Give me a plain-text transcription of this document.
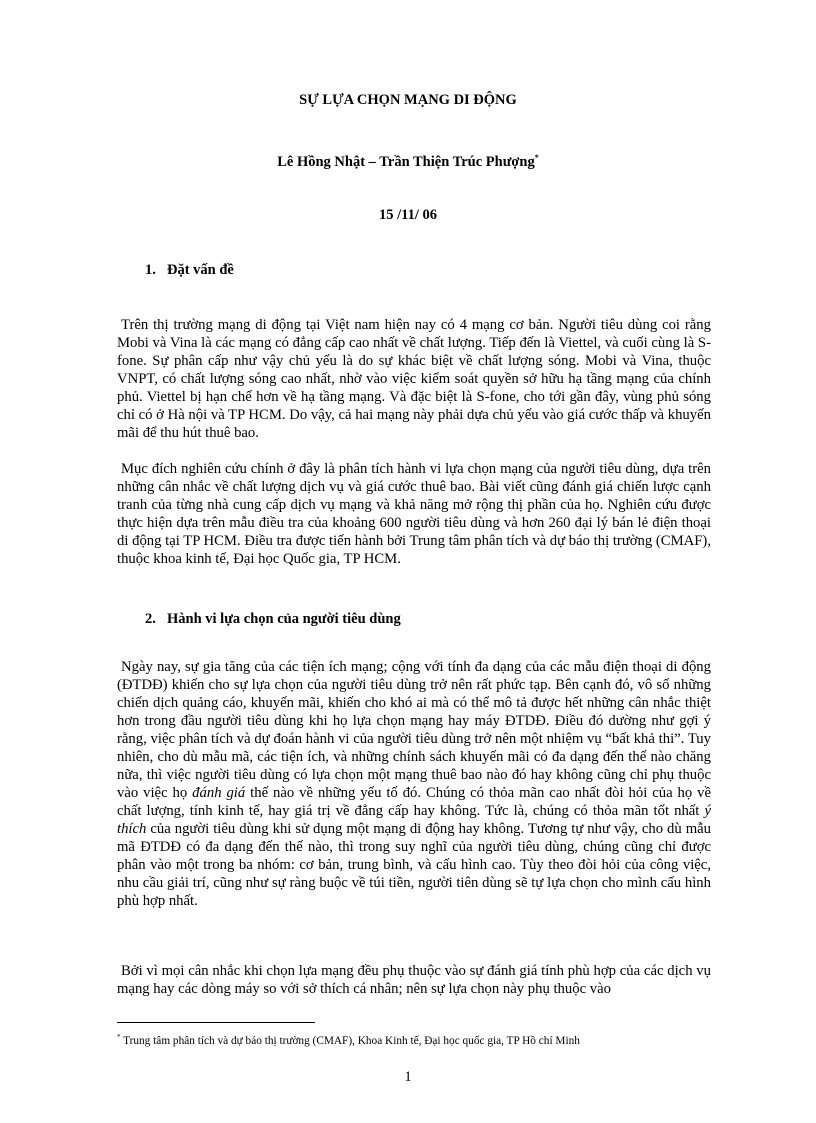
SỰ LỰA CHỌN MẠNG DI ĐỘNG
Lê Hồng Nhật – Trần Thiện Trúc Phượng*
15 /11/ 06
1. Đặt vấn đề
Trên thị trường mạng di động tại Việt nam hiện nay có 4 mạng cơ bản. Người tiêu dùng coi rằng Mobi và Vina là các mạng có đẳng cấp cao nhất về chất lượng. Tiếp đến là Viettel, và cuối cùng là S-fone. Sự phân cấp như vậy chủ yếu là do sự khác biệt về chất lượng sóng. Mobi và Vina, thuộc VNPT, có chất lượng sóng cao nhất, nhờ vào việc kiểm soát quyền sở hữu hạ tầng mạng của chính phủ. Viettel bị hạn chế hơn về hạ tầng mạng. Và đặc biệt là S-fone, cho tới gần đây, vùng phủ sóng chỉ có ở Hà nội và TP HCM. Do vậy, cả hai mạng này phải dựa chủ yếu vào giá cước thấp và khuyến mãi để thu hút thuê bao.
Mục đích nghiên cứu chính ở đây là phân tích hành vi lựa chọn mạng của người tiêu dùng, dựa trên những cân nhắc về chất lượng dịch vụ và giá cước thuê bao. Bài viết cũng đánh giá chiến lược cạnh tranh của từng nhà cung cấp dịch vụ mạng và khả năng mở rộng thị phần của họ. Nghiên cứu được thực hiện dựa trên mẫu điều tra của khoảng 600 người tiêu dùng và hơn 260 đại lý bán lẻ điện thoại di động tại TP HCM. Điều tra được tiến hành bởi Trung tâm phân tích và dự báo thị trường (CMAF), thuộc khoa kinh tế, Đại học Quốc gia, TP HCM.
2. Hành vi lựa chọn của người tiêu dùng
Ngày nay, sự gia tăng của các tiện ích mạng; cộng với tính đa dạng của các mẫu điện thoại di động (ĐTDĐ) khiến cho sự lựa chọn của người tiêu dùng trở nên rất phức tạp. Bên cạnh đó, vô số những chiến dịch quảng cáo, khuyến mãi, khiến cho khó ai mà có thể mô tả được hết những cân nhắc thiệt hơn trong đầu người tiêu dùng khi họ lựa chọn mạng hay máy ĐTDĐ. Điều đó dường như gợi ý rằng, việc phân tích và dự đoán hành vi của người tiêu dùng trở nên một nhiệm vụ “bất khả thi”. Tuy nhiên, cho dù mẫu mã, các tiện ích, và những chính sách khuyến mãi có đa dạng đến thế nào chăng nữa, thì việc người tiêu dùng có lựa chọn một mạng thuê bao nào đó hay không cũng chỉ phụ thuộc vào việc họ đánh giá thế nào về những yếu tố đó. Chúng có thỏa mãn cao nhất đòi hỏi của họ về chất lượng, tính kinh tế, hay giá trị về đẳng cấp hay không. Tức là, chúng có thỏa mãn tốt nhất ý thích của người tiêu dùng khi sử dụng một mạng di động hay không. Tương tự như vậy, cho dù mẫu mã ĐTDĐ có đa dạng đến thế nào, thì trong suy nghĩ của người tiêu dùng, chúng cũng chỉ được phân vào một trong ba nhóm: cơ bản, trung bình, và cấu hình cao. Tùy theo đòi hỏi của công việc, nhu cầu giải trí, cũng như sự ràng buộc về túi tiền, người tiên dùng sẽ tự lựa chọn cho mình cấu hình phù hợp nhất.
Bởi vì mọi cân nhắc khi chọn lựa mạng đều phụ thuộc vào sự đánh giá tính phù hợp của các dịch vụ mạng hay các dòng máy so với sở thích cá nhân; nên sự lựa chọn này phụ thuộc vào
* Trung tâm phân tích và dự báo thị trường (CMAF), Khoa Kinh tế, Đại học quốc gia, TP Hồ chí Minh
1
